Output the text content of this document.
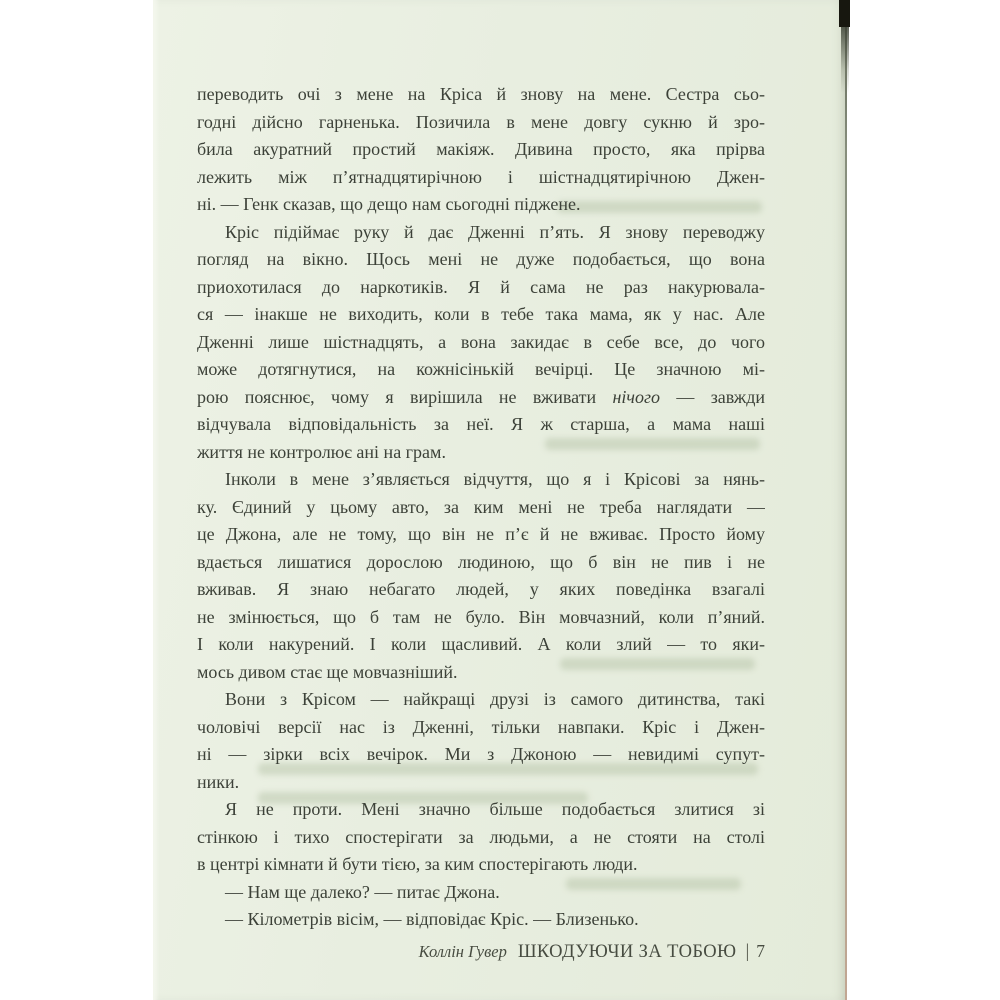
переводить очі з мене на Кріса й знову на мене. Сестра сьо-
годні дійсно гарненька. Позичила в мене довгу сукню й зро-
била акуратний простий макіяж. Дивина просто, яка прірва
лежить між п’ятнадцятирічною і шістнадцятирічною Джен-
ні. — Генк сказав, що дещо нам сьогодні піджене.
Кріс підіймає руку й дає Дженні п’ять. Я знову переводжу
погляд на вікно. Щось мені не дуже подобається, що вона
приохотилася до наркотиків. Я й сама не раз накурювала-
ся — інакше не виходить, коли в тебе така мама, як у нас. Але
Дженні лише шістнадцять, а вона закидає в себе все, до чого
може дотягнутися, на кожнісінькій вечірці. Це значною мі-
рою пояснює, чому я вирішила не вживати нічого — завжди
відчувала відповідальність за неї. Я ж старша, а мама наші
життя не контролює ані на грам.
Інколи в мене з’являється відчуття, що я і Крісові за нянь-
ку. Єдиний у цьому авто, за ким мені не треба наглядати —
це Джона, але не тому, що він не п’є й не вживає. Просто йому
вдається лишатися дорослою людиною, що б він не пив і не
вживав. Я знаю небагато людей, у яких поведінка взагалі
не змінюється, що б там не було. Він мовчазний, коли п’яний.
І коли накурений. І коли щасливий. А коли злий — то яки-
мось дивом стає ще мовчазніший.
Вони з Крісом — найкращі друзі із самого дитинства, такі
чоловічі версії нас із Дженні, тільки навпаки. Кріс і Джен-
ні — зірки всіх вечірок. Ми з Джоною — невидимі супут-
ники.
Я не проти. Мені значно більше подобається злитися зі
стінкою і тихо спостерігати за людьми, а не стояти на столі
в центрі кімнати й бути тією, за ким спостерігають люди.
— Нам ще далеко? — питає Джона.
— Кілометрів вісім, — відповідає Кріс. — Близенько.
Коллін Гувер ШКОДУЮЧИ ЗА ТОБОЮ | 7
